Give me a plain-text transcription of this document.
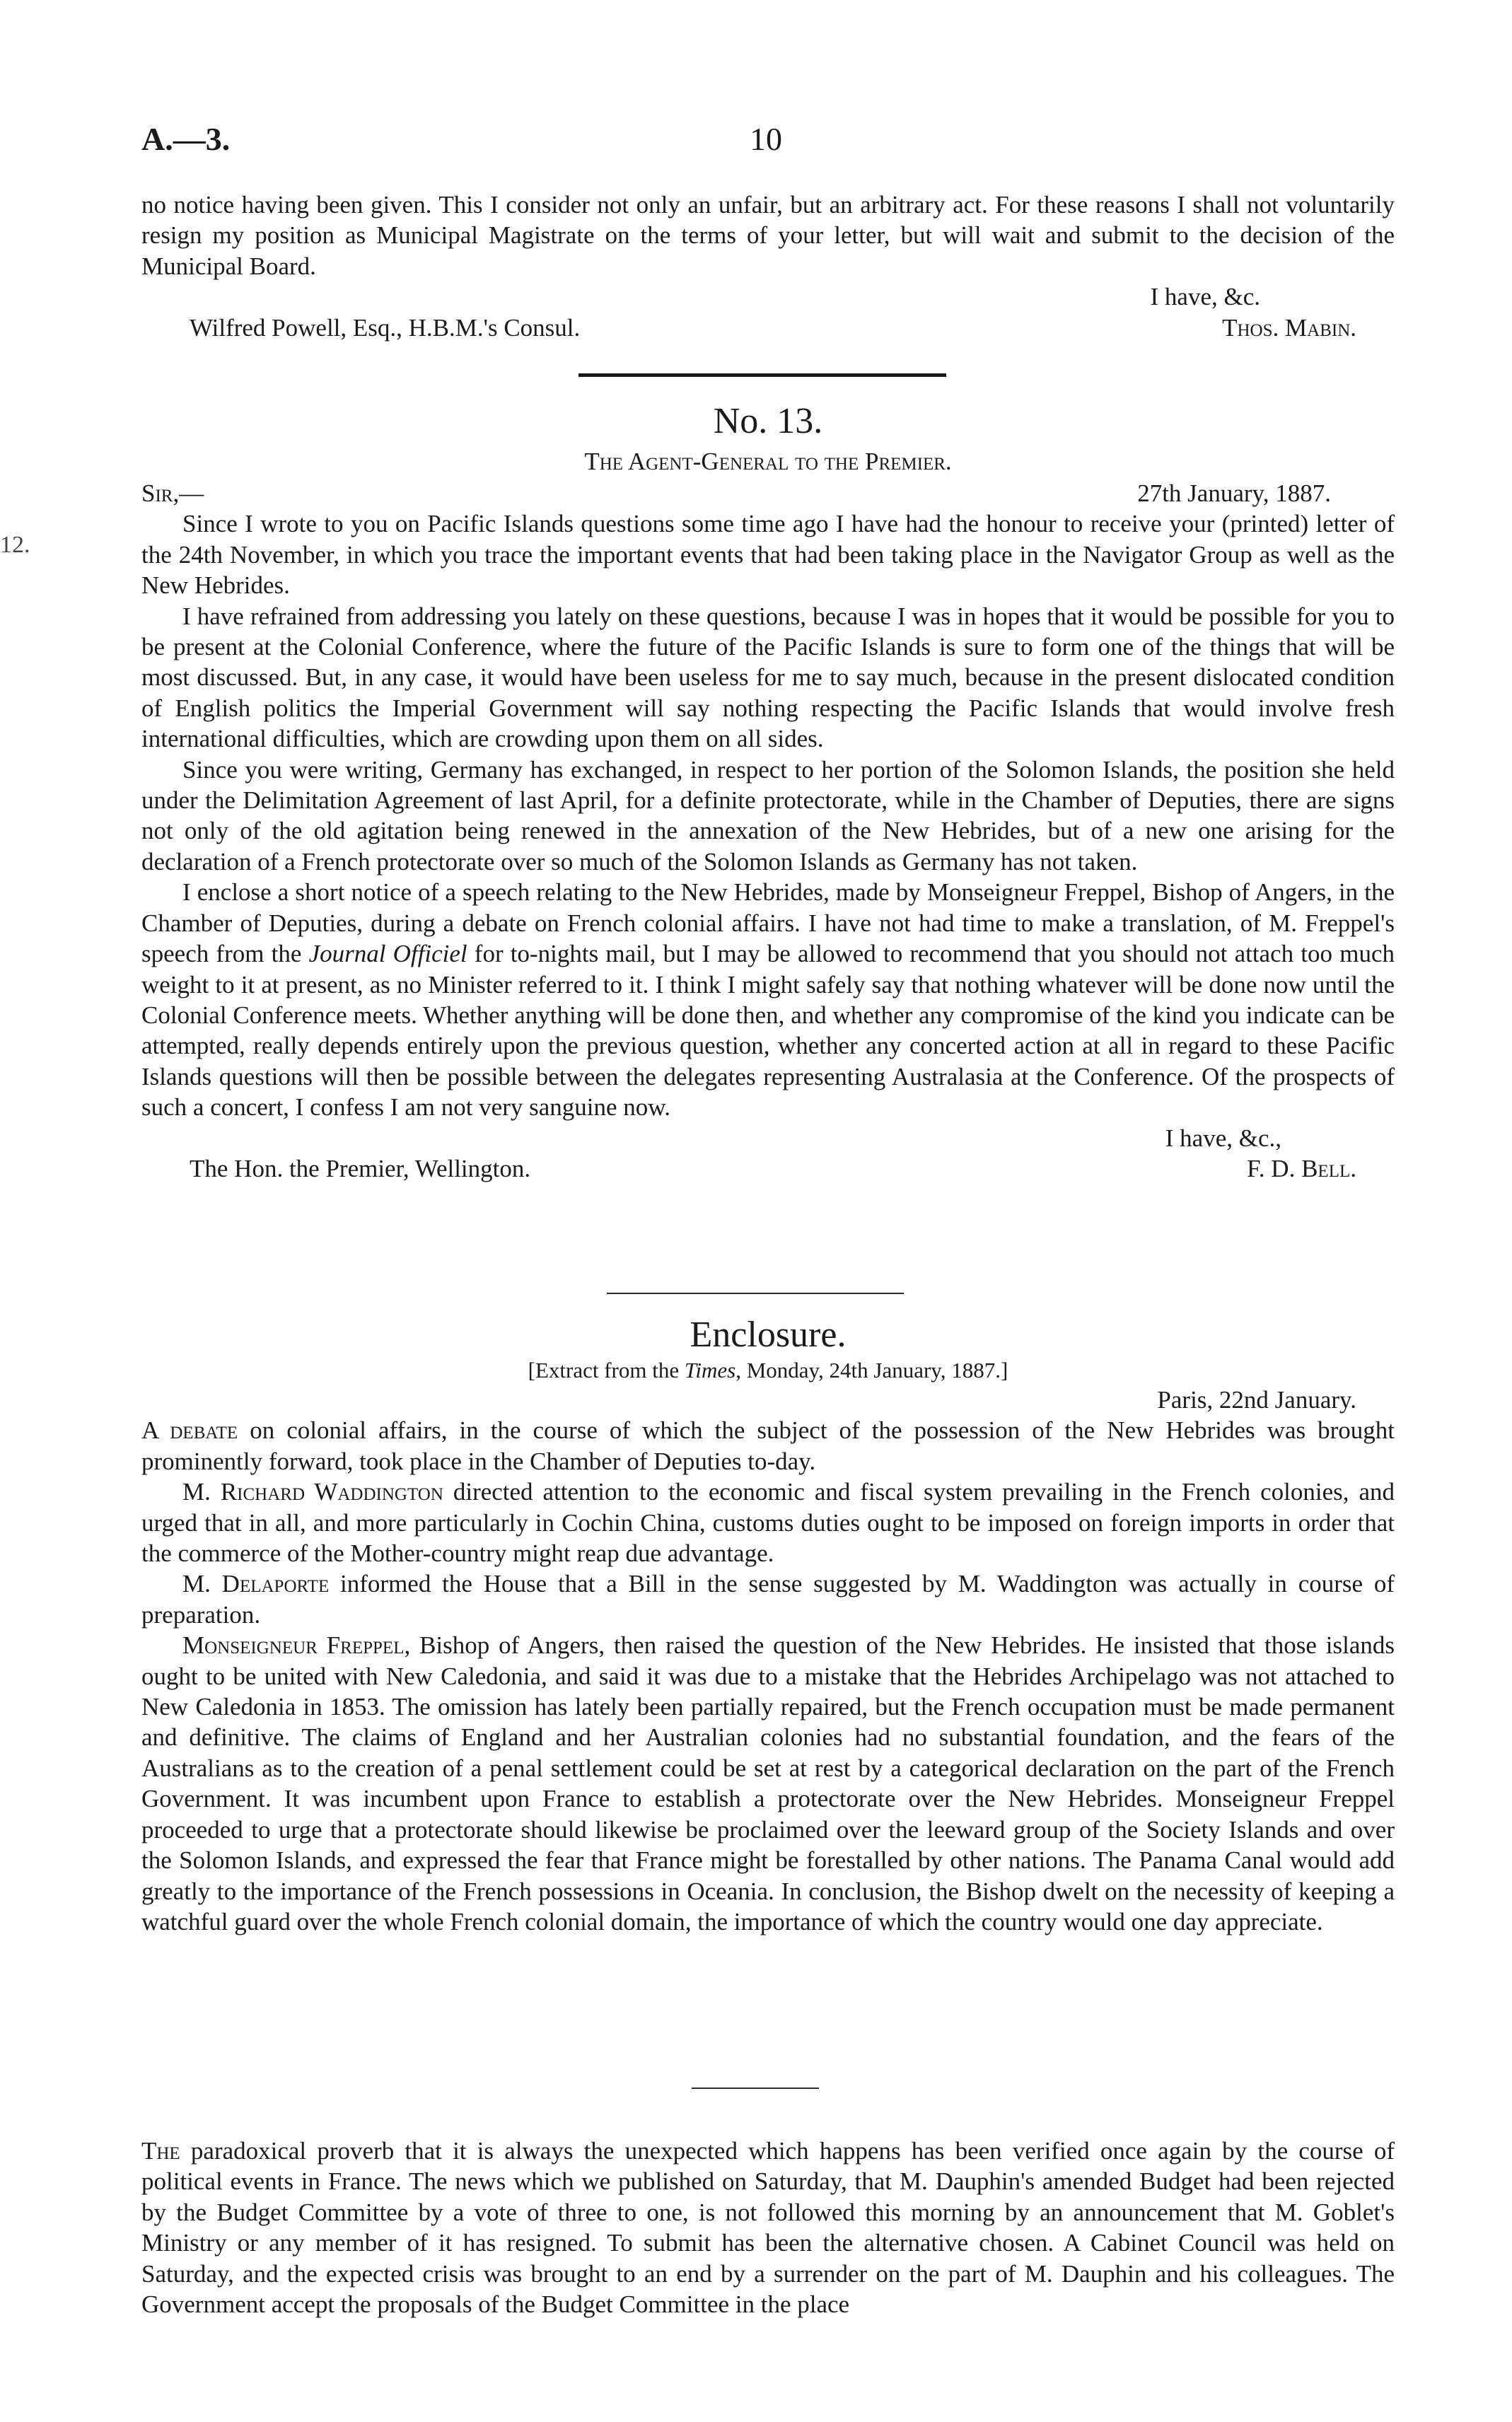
A.—3.	10
12.

no notice having been given. This I consider not only an unfair, but an arbitrary act. For these reasons I shall not voluntarily resign my position as Municipal Magistrate on the terms of your letter, but will wait and submit to the decision of the Municipal Board.

I have, &c.
Wilfred Powell, Esq., H.B.M.'s Consul.	Thos. Mabin.

No. 13.

The Agent-General to the Premier.

Sir,—	27th January, 1887.

Since I wrote to you on Pacific Islands questions some time ago I have had the honour to receive your (printed) letter of the 24th November, in which you trace the important events that had been taking place in the Navigator Group as well as the New Hebrides.

I have refrained from addressing you lately on these questions, because I was in hopes that it would be possible for you to be present at the Colonial Conference, where the future of the Pacific Islands is sure to form one of the things that will be most discussed. But, in any case, it would have been useless for me to say much, because in the present dislocated condition of English politics the Imperial Government will say nothing respecting the Pacific Islands that would involve fresh international difficulties, which are crowding upon them on all sides.

Since you were writing, Germany has exchanged, in respect to her portion of the Solomon Islands, the position she held under the Delimitation Agreement of last April, for a definite protectorate, while in the Chamber of Deputies, there are signs not only of the old agitation being renewed in the annexation of the New Hebrides, but of a new one arising for the declaration of a French protectorate over so much of the Solomon Islands as Germany has not taken.

I enclose a short notice of a speech relating to the New Hebrides, made by Monseigneur Freppel, Bishop of Angers, in the Chamber of Deputies, during a debate on French colonial affairs. I have not had time to make a translation, of M. Freppel's speech from the Journal Officiel for to-nights mail, but I may be allowed to recommend that you should not attach too much weight to it at present, as no Minister referred to it. I think I might safely say that nothing whatever will be done now until the Colonial Conference meets. Whether anything will be done then, and whether any compromise of the kind you indicate can be attempted, really depends entirely upon the previous question, whether any concerted action at all in regard to these Pacific Islands questions will then be possible between the delegates representing Australasia at the Conference. Of the prospects of such a concert, I confess I am not very sanguine now.

I have, &c.,
The Hon. the Premier, Wellington.	F. D. Bell.

Enclosure.

[Extract from the Times, Monday, 24th January, 1887.]

Paris, 22nd January.

A debate on colonial affairs, in the course of which the subject of the possession of the New Hebrides was brought prominently forward, took place in the Chamber of Deputies to-day.

M. Richard Waddington directed attention to the economic and fiscal system prevailing in the French colonies, and urged that in all, and more particularly in Cochin China, customs duties ought to be imposed on foreign imports in order that the commerce of the Mother-country might reap due advantage.

M. Delaporte informed the House that a Bill in the sense suggested by M. Waddington was actually in course of preparation.

Monseigneur Freppel, Bishop of Angers, then raised the question of the New Hebrides. He insisted that those islands ought to be united with New Caledonia, and said it was due to a mistake that the Hebrides Archipelago was not attached to New Caledonia in 1853. The omission has lately been partially repaired, but the French occupation must be made permanent and definitive. The claims of England and her Australian colonies had no substantial foundation, and the fears of the Australians as to the creation of a penal settlement could be set at rest by a categorical declaration on the part of the French Government. It was incumbent upon France to establish a protectorate over the New Hebrides. Monseigneur Freppel proceeded to urge that a protectorate should likewise be proclaimed over the leeward group of the Society Islands and over the Solomon Islands, and expressed the fear that France might be forestalled by other nations. The Panama Canal would add greatly to the importance of the French possessions in Oceania. In conclusion, the Bishop dwelt on the necessity of keeping a watchful guard over the whole French colonial domain, the importance of which the country would one day appreciate.

The paradoxical proverb that it is always the unexpected which happens has been verified once again by the course of political events in France. The news which we published on Saturday, that M. Dauphin's amended Budget had been rejected by the Budget Committee by a vote of three to one, is not followed this morning by an announcement that M. Goblet's Ministry or any member of it has resigned. To submit has been the alternative chosen. A Cabinet Council was held on Saturday, and the expected crisis was brought to an end by a surrender on the part of M. Dauphin and his colleagues. The Government accept the proposals of the Budget Committee in the place
